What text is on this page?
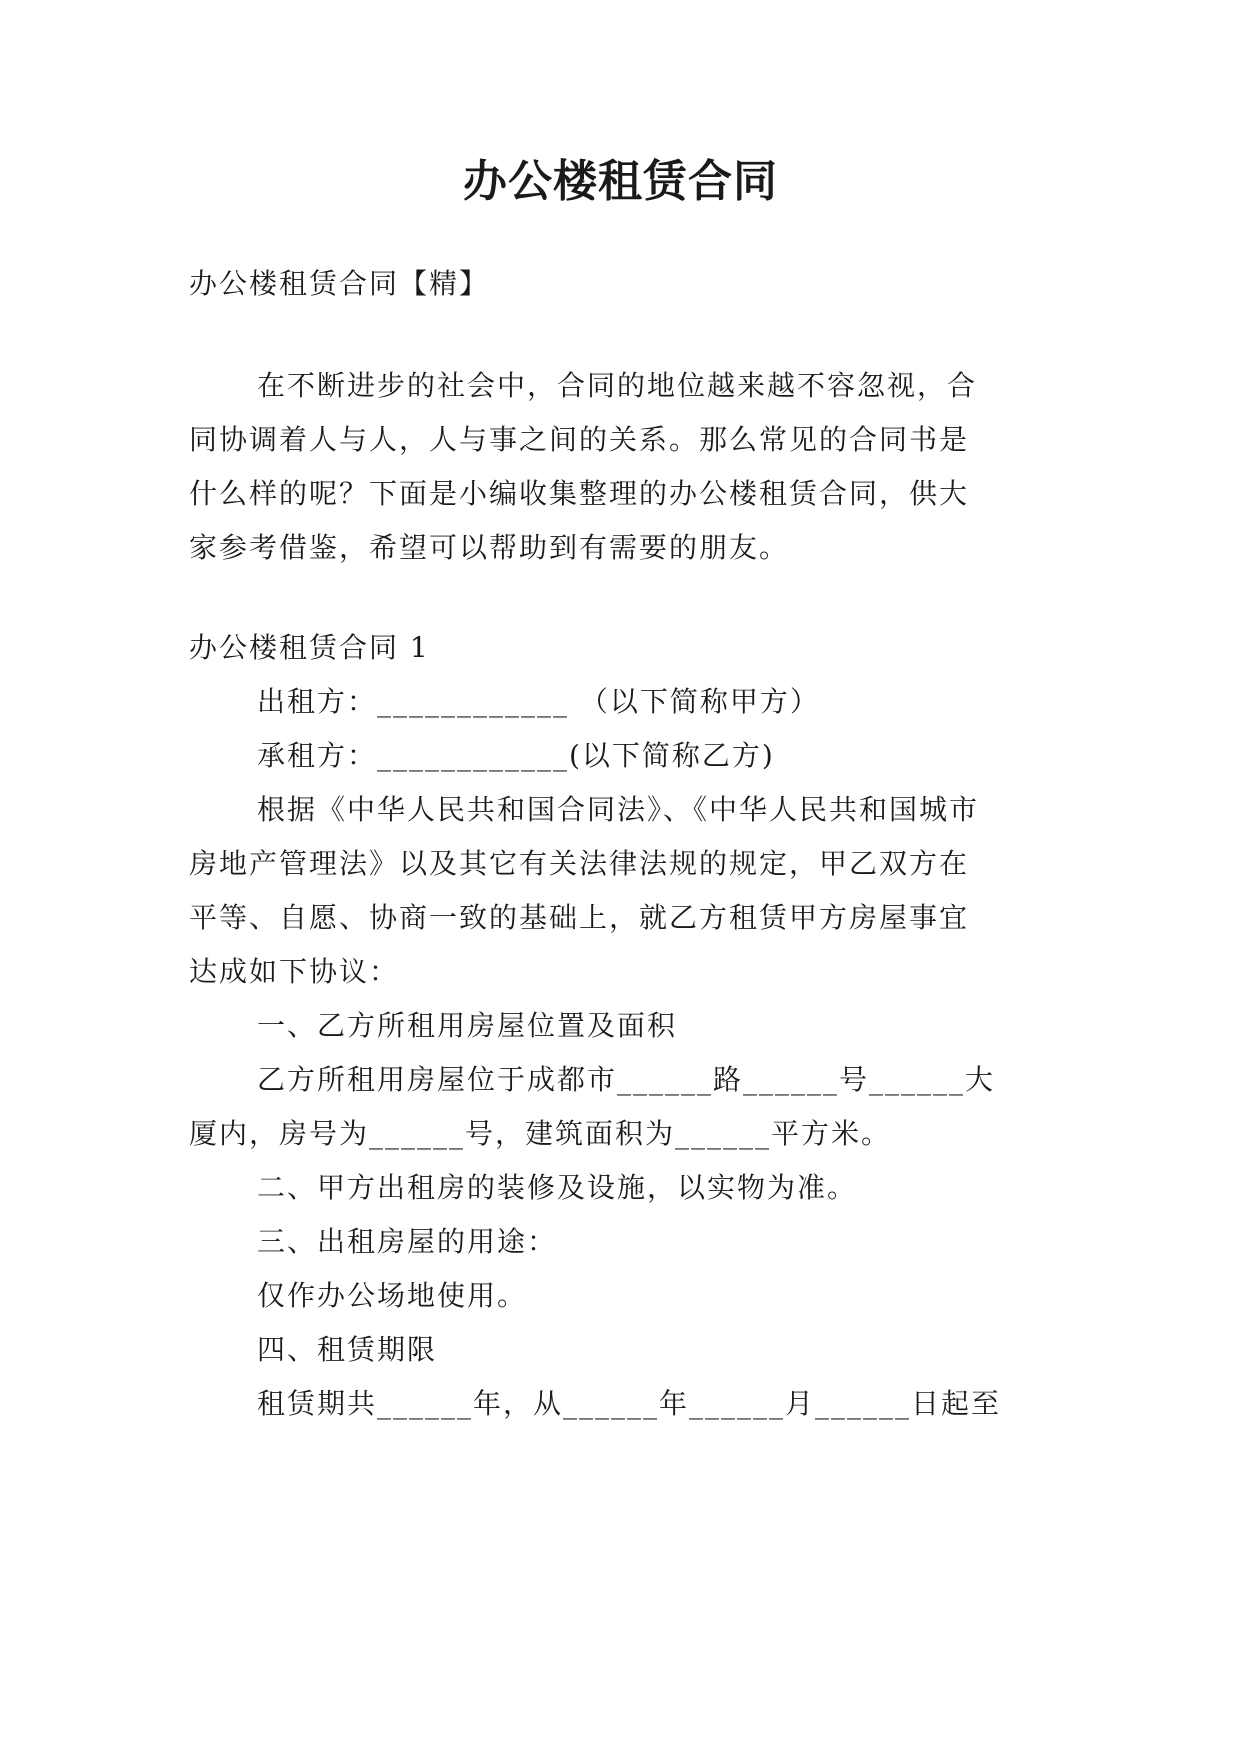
办公楼租赁合同
办公楼租赁合同【精】
在不断进步的社会中，合同的地位越来越不容忽视，合
同协调着人与人，人与事之间的关系。那么常见的合同书是
什么样的呢？下面是小编收集整理的办公楼租赁合同，供大
家参考借鉴，希望可以帮助到有需要的朋友。
办公楼租赁合同 1
出租方：____________ （以下简称甲方）
承租方：____________(以下简称乙方)
根据《中华人民共和国合同法》、《中华人民共和国城市
房地产管理法》以及其它有关法律法规的规定，甲乙双方在
平等、自愿、协商一致的基础上，就乙方租赁甲方房屋事宜
达成如下协议：
一、乙方所租用房屋位置及面积
乙方所租用房屋位于成都市______路______号______大
厦内，房号为______号，建筑面积为______平方米。
二、甲方出租房的装修及设施，以实物为准。
三、出租房屋的用途：
仅作办公场地使用。
四、租赁期限
租赁期共______年，从______年______月______日起至
